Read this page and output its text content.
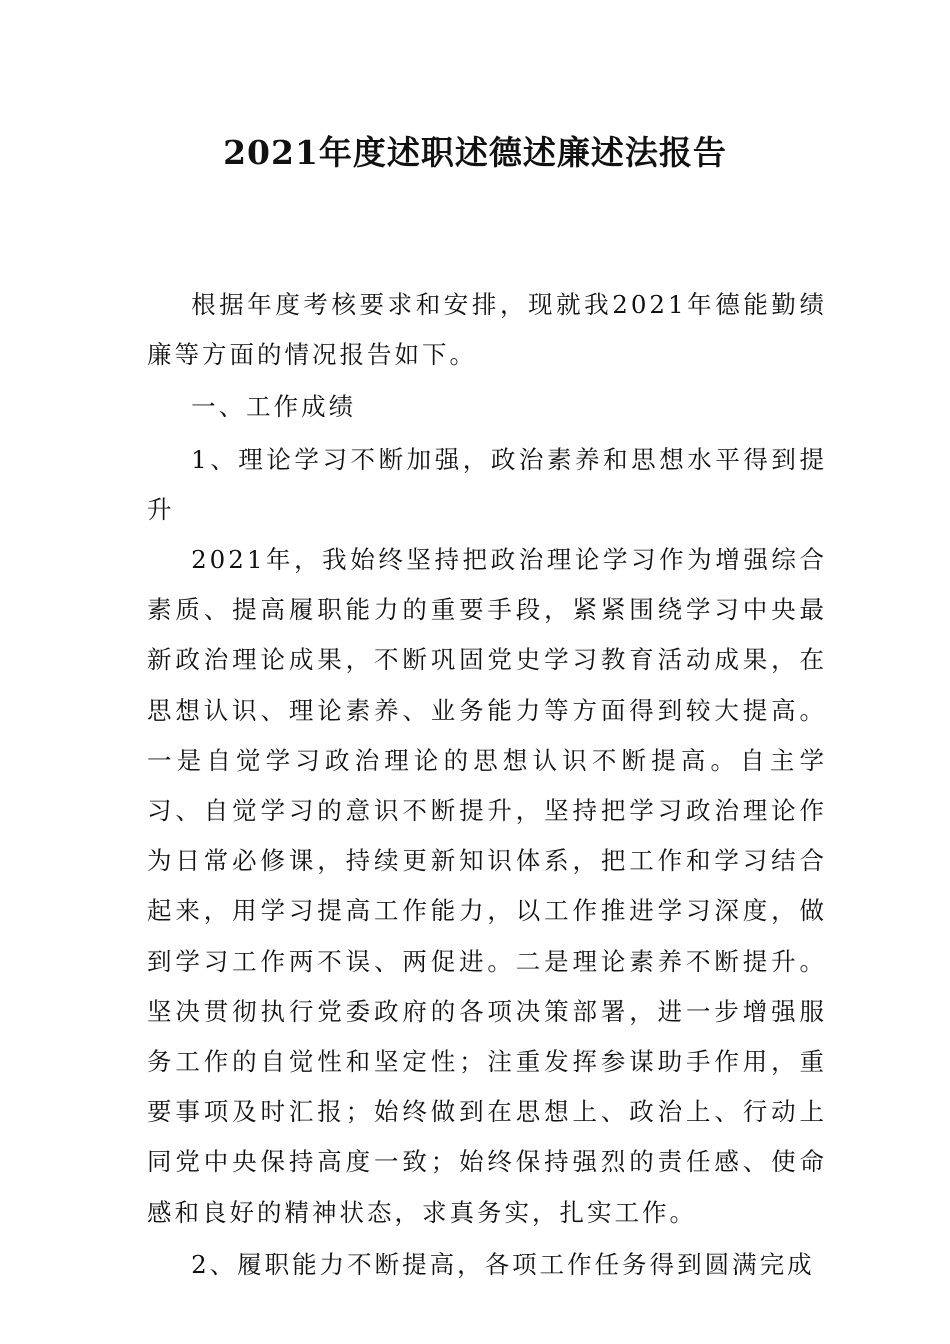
2021年度述职述德述廉述法报告

根据年度考核要求和安排，现就我2021年德能勤绩廉等方面的情况报告如下。

一、工作成绩

1、理论学习不断加强，政治素养和思想水平得到提升

2021年，我始终坚持把政治理论学习作为增强综合素质、提高履职能力的重要手段，紧紧围绕学习中央最新政治理论成果，不断巩固党史学习教育活动成果，在思想认识、理论素养、业务能力等方面得到较大提高。一是自觉学习政治理论的思想认识不断提高。自主学习、自觉学习的意识不断提升，坚持把学习政治理论作为日常必修课，持续更新知识体系，把工作和学习结合起来，用学习提高工作能力，以工作推进学习深度，做到学习工作两不误、两促进。二是理论素养不断提升。坚决贯彻执行党委政府的各项决策部署，进一步增强服务工作的自觉性和坚定性；注重发挥参谋助手作用，重要事项及时汇报；始终做到在思想上、政治上、行动上同党中央保持高度一致；始终保持强烈的责任感、使命感和良好的精神状态，求真务实，扎实工作。

2、履职能力不断提高，各项工作任务得到圆满完成
